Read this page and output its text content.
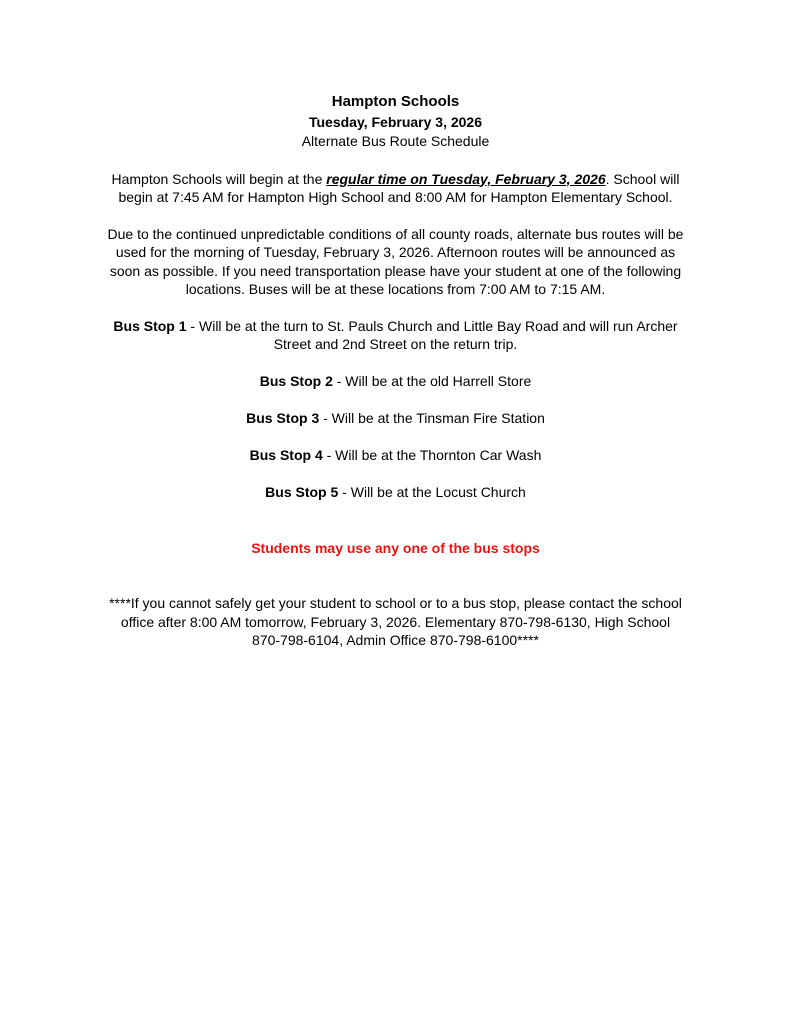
Hampton Schools

Tuesday, February 3, 2026

Alternate Bus Route Schedule

Hampton Schools will begin at the regular time on Tuesday, February 3, 2026. School will begin at 7:45 AM for Hampton High School and 8:00 AM for Hampton Elementary School.

Due to the continued unpredictable conditions of all county roads, alternate bus routes will be used for the morning of Tuesday, February 3, 2026. Afternoon routes will be announced as soon as possible. If you need transportation please have your student at one of the following locations. Buses will be at these locations from 7:00 AM to 7:15 AM.

Bus Stop 1 - Will be at the turn to St. Pauls Church and Little Bay Road and will run Archer Street and 2nd Street on the return trip.

Bus Stop 2 - Will be at the old Harrell Store

Bus Stop 3 - Will be at the Tinsman Fire Station

Bus Stop 4 - Will be at the Thornton Car Wash

Bus Stop 5 - Will be at the Locust Church

Students may use any one of the bus stops

****If you cannot safely get your student to school or to a bus stop, please contact the school office after 8:00 AM tomorrow, February 3, 2026. Elementary 870-798-6130, High School
870-798-6104, Admin Office 870-798-6100****
